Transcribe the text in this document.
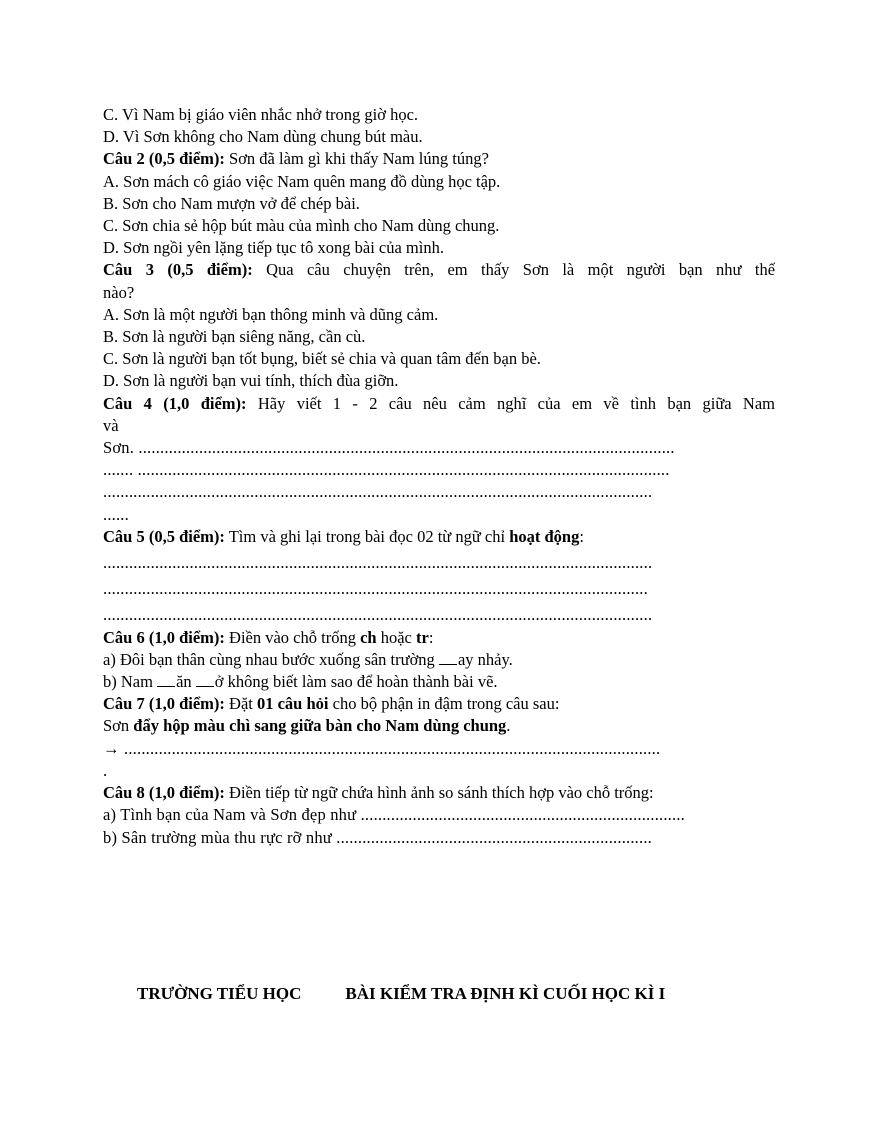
C. Vì Nam bị giáo viên nhắc nhở trong giờ học.
D. Vì Sơn không cho Nam dùng chung bút màu.
Câu 2 (0,5 điểm): Sơn đã làm gì khi thấy Nam lúng túng?
A. Sơn mách cô giáo việc Nam quên mang đồ dùng học tập.
B. Sơn cho Nam mượn vở để chép bài.
C. Sơn chia sẻ hộp bút màu của mình cho Nam dùng chung.
D. Sơn ngồi yên lặng tiếp tục tô xong bài của mình.
Câu 3 (0,5 điểm): Qua câu chuyện trên, em thấy Sơn là một người bạn như thế
nào?
A. Sơn là một người bạn thông minh và dũng cảm.
B. Sơn là người bạn siêng năng, cần cù.
C. Sơn là người bạn tốt bụng, biết sẻ chia và quan tâm đến bạn bè.
D. Sơn là người bạn vui tính, thích đùa giỡn.
Câu 4 (1,0 điểm): Hãy viết 1 - 2 câu nêu cảm nghĩ của em về tình bạn giữa Nam
và
Sơn. ............................................................................................................................
....... ...........................................................................................................................
...............................................................................................................................
......
Câu 5 (0,5 điểm): Tìm và ghi lại trong bài đọc 02 từ ngữ chỉ hoạt động:
...............................................................................................................................
..............................................................................................................................
...............................................................................................................................
Câu 6 (1,0 điểm): Điền vào chỗ trống ch hoặc tr:
a) Đôi bạn thân cùng nhau bước xuống sân trường ay nhảy.
b) Nam ăn ở không biết làm sao để hoàn thành bài vẽ.
Câu 7 (1,0 điểm): Đặt 01 câu hỏi cho bộ phận in đậm trong câu sau:
Sơn đẩy hộp màu chì sang giữa bàn cho Nam dùng chung.
→ ............................................................................................................................
.
Câu 8 (1,0 điểm): Điền tiếp từ ngữ chứa hình ảnh so sánh thích hợp vào chỗ trống:
a) Tình bạn của Nam và Sơn đẹp như ...........................................................................
b) Sân trường mùa thu rực rỡ như .........................................................................
TRƯỜNG TIỂU HỌC	BÀI KIỂM TRA ĐỊNH KÌ CUỐI HỌC KÌ I
